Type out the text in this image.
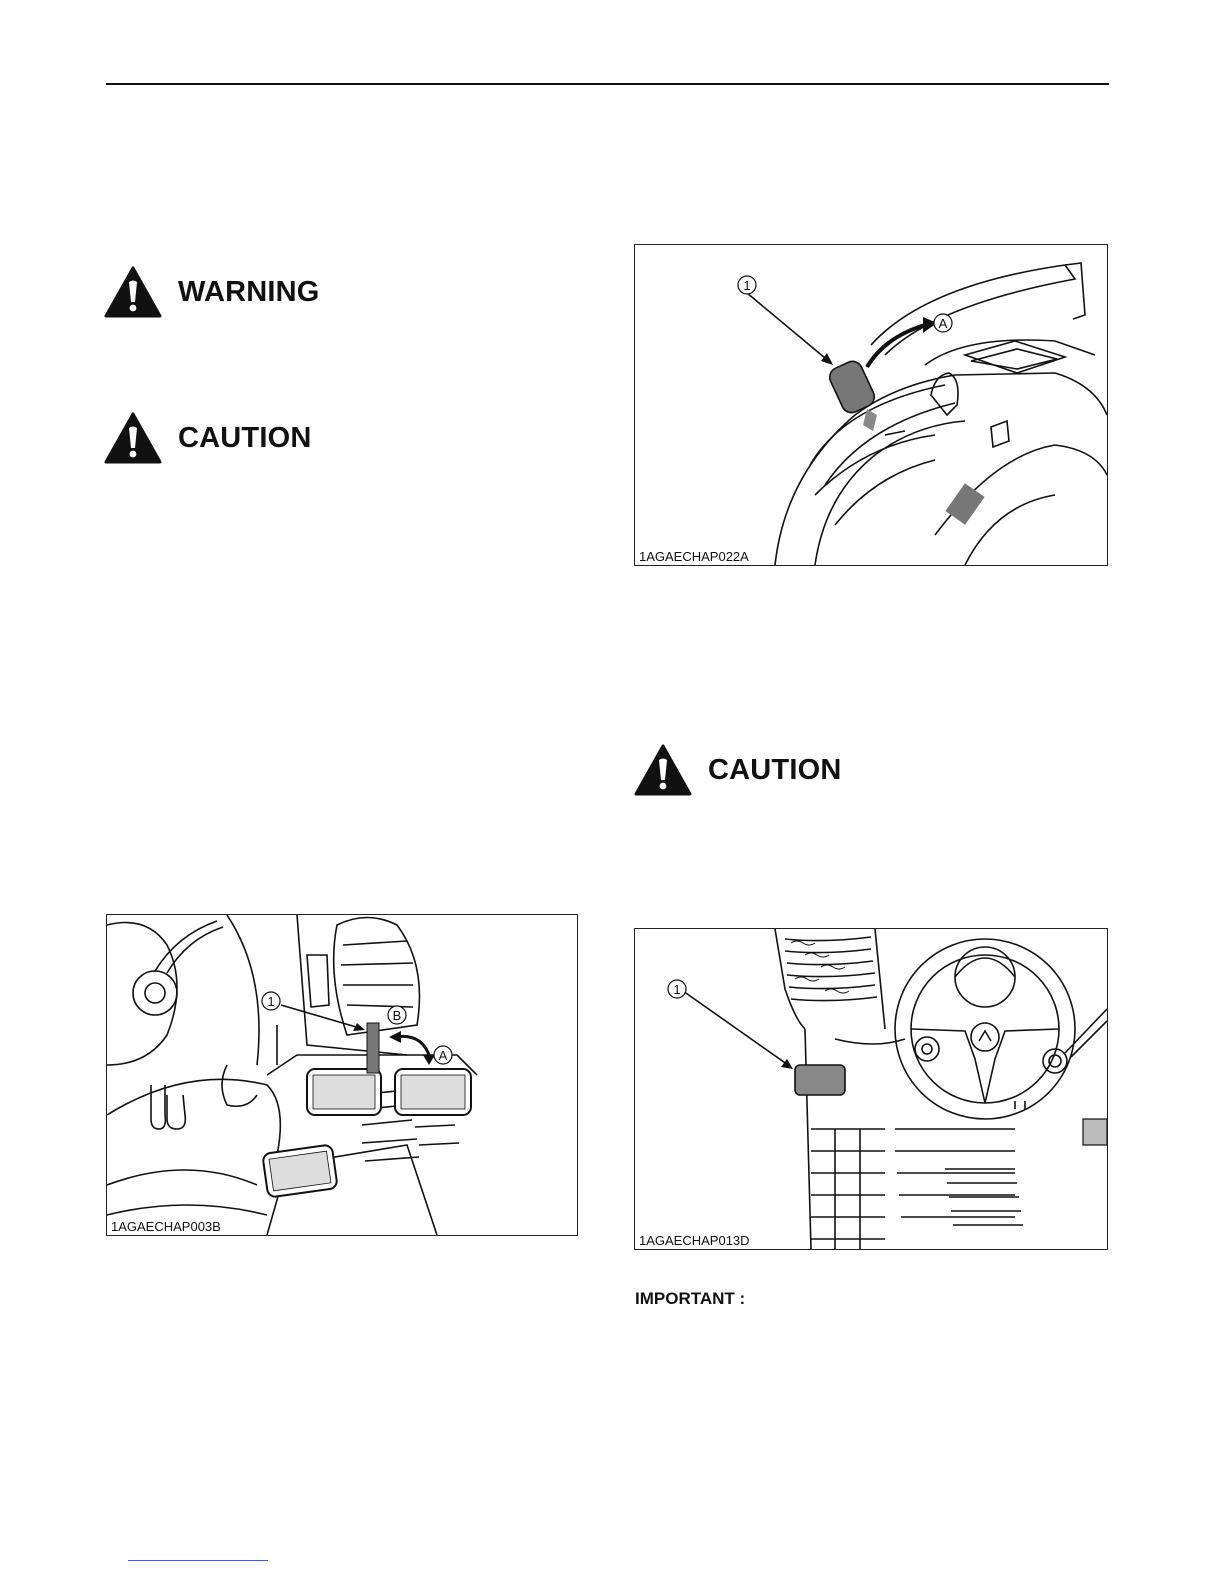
WARNING
CAUTION
CAUTION
1
A
1AGAECHAP022A
1
B
A
1AGAECHAP003B
1
1AGAECHAP013D
IMPORTANT :
